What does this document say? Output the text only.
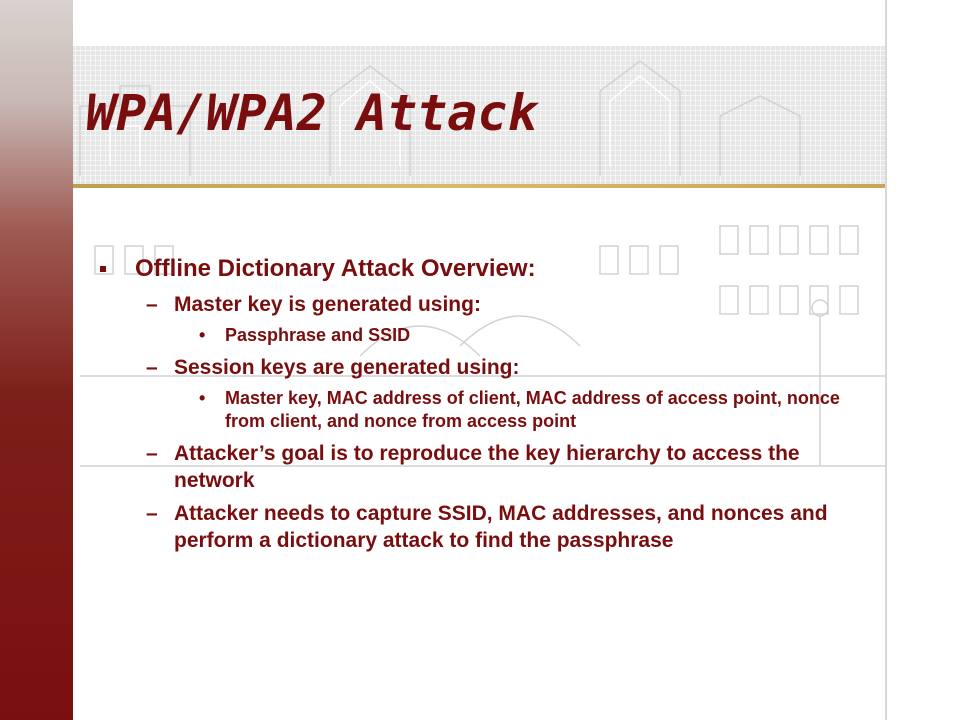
WPA/WPA2 Attack
Offline Dictionary Attack Overview:
– Master key is generated using:
• Passphrase and SSID
– Session keys are generated using:
• Master key, MAC address of client, MAC address of access point, nonce from client, and nonce from access point
– Attacker’s goal is to reproduce the key hierarchy to access the network
– Attacker needs to capture SSID, MAC addresses, and nonces and perform a dictionary attack to find the passphrase
